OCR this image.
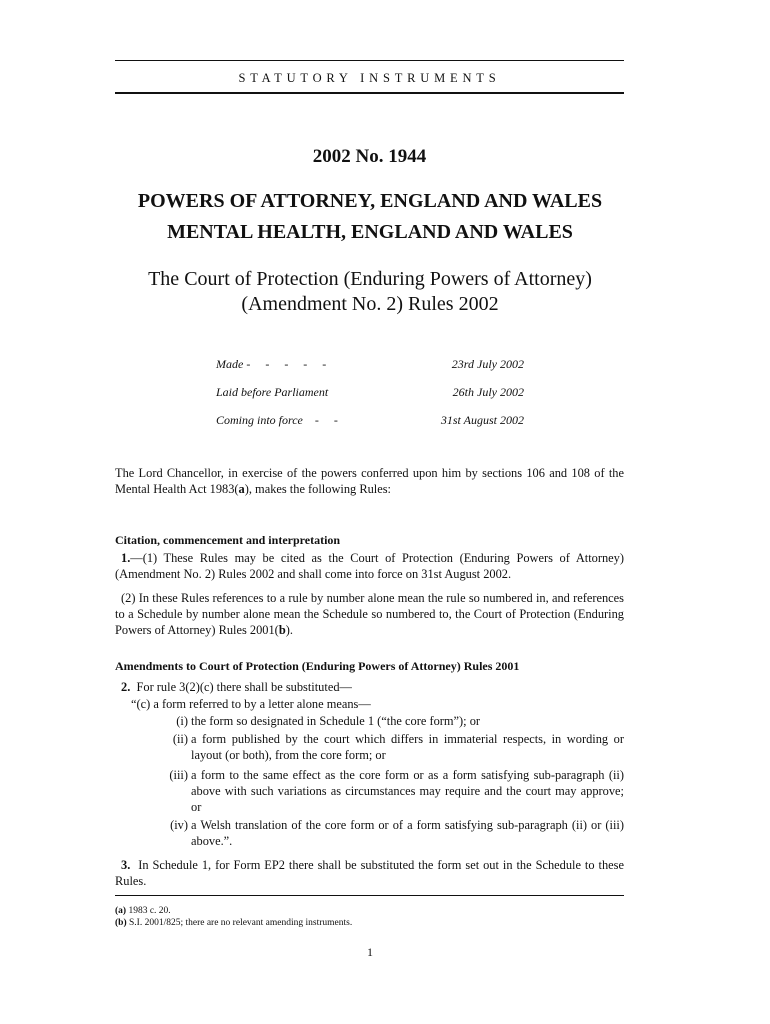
STATUTORY INSTRUMENTS
2002 No. 1944
POWERS OF ATTORNEY, ENGLAND AND WALES
MENTAL HEALTH, ENGLAND AND WALES
The Court of Protection (Enduring Powers of Attorney)
(Amendment No. 2) Rules 2002
Made -     -     -     -     -	23rd July 2002
Laid before Parliament	26th July 2002
Coming into force    -     -	31st August 2002

The Lord Chancellor, in exercise of the powers conferred upon him by sections 106 and 108 of the Mental Health Act 1983(a), makes the following Rules:

Citation, commencement and interpretation

1.—(1) These Rules may be cited as the Court of Protection (Enduring Powers of Attorney) (Amendment No. 2) Rules 2002 and shall come into force on 31st August 2002.

(2) In these Rules references to a rule by number alone mean the rule so numbered in, and references to a Schedule by number alone mean the Schedule so numbered to, the Court of Protection (Enduring Powers of Attorney) Rules 2001(b).

Amendments to Court of Protection (Enduring Powers of Attorney) Rules 2001

2. For rule 3(2)(c) there shall be substituted—

“(c) a form referred to by a letter alone means—
(i) the form so designated in Schedule 1 (“the core form”); or

(ii) a form published by the court which differs in immaterial respects, in wording or layout (or both), from the core form; or

(iii) a form to the same effect as the core form or as a form satisfying sub-paragraph (ii) above with such variations as circumstances may require and the court may approve; or

(iv) a Welsh translation of the core form or of a form satisfying sub-paragraph (ii) or (iii) above.”.

3. In Schedule 1, for Form EP2 there shall be substituted the form set out in the Schedule to these Rules.

(a) 1983 c. 20.
(b) S.I. 2001/825; there are no relevant amending instruments.
1
